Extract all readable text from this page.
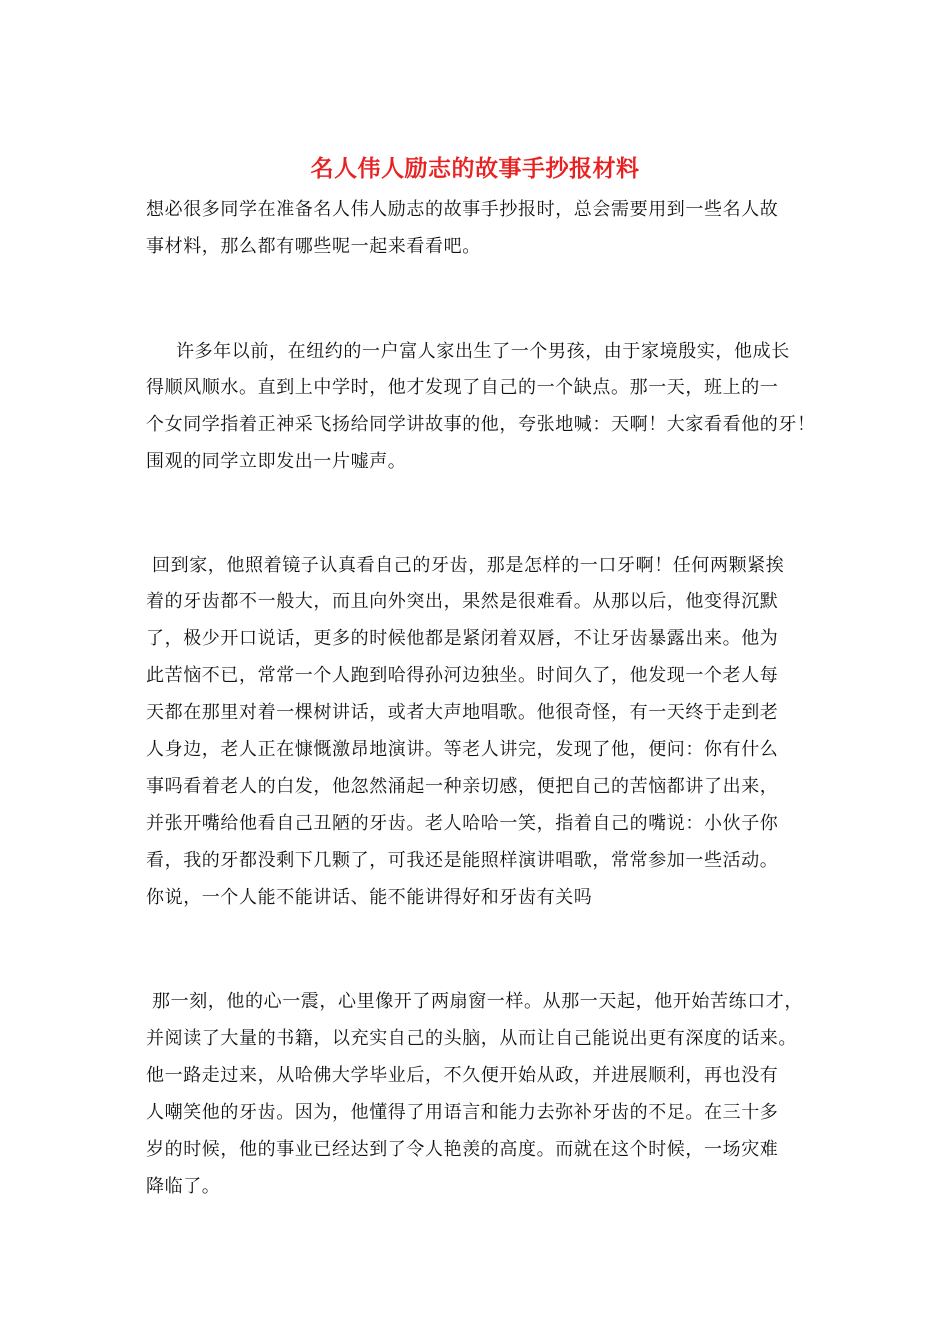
名人伟人励志的故事手抄报材料
想必很多同学在准备名人伟人励志的故事手抄报时，总会需要用到一些名人故
事材料，那么都有哪些呢一起来看看吧。
许多年以前，在纽约的一户富人家出生了一个男孩，由于家境殷实，他成长
得顺风顺水。直到上中学时，他才发现了自己的一个缺点。那一天，班上的一
个女同学指着正神采飞扬给同学讲故事的他，夸张地喊：天啊！大家看看他的牙！
围观的同学立即发出一片嘘声。
回到家，他照着镜子认真看自己的牙齿，那是怎样的一口牙啊！任何两颗紧挨
着的牙齿都不一般大，而且向外突出，果然是很难看。从那以后，他变得沉默
了，极少开口说话，更多的时候他都是紧闭着双唇，不让牙齿暴露出来。他为
此苦恼不已，常常一个人跑到哈得孙河边独坐。时间久了，他发现一个老人每
天都在那里对着一棵树讲话，或者大声地唱歌。他很奇怪，有一天终于走到老
人身边，老人正在慷慨激昂地演讲。等老人讲完，发现了他，便问：你有什么
事吗看着老人的白发，他忽然涌起一种亲切感，便把自己的苦恼都讲了出来，
并张开嘴给他看自己丑陋的牙齿。老人哈哈一笑，指着自己的嘴说：小伙子你
看，我的牙都没剩下几颗了，可我还是能照样演讲唱歌，常常参加一些活动。
你说，一个人能不能讲话、能不能讲得好和牙齿有关吗
那一刻，他的心一震，心里像开了两扇窗一样。从那一天起，他开始苦练口才，
并阅读了大量的书籍，以充实自己的头脑，从而让自己能说出更有深度的话来。
他一路走过来，从哈佛大学毕业后，不久便开始从政，并进展顺利，再也没有
人嘲笑他的牙齿。因为，他懂得了用语言和能力去弥补牙齿的不足。在三十多
岁的时候，他的事业已经达到了令人艳羡的高度。而就在这个时候，一场灾难
降临了。
